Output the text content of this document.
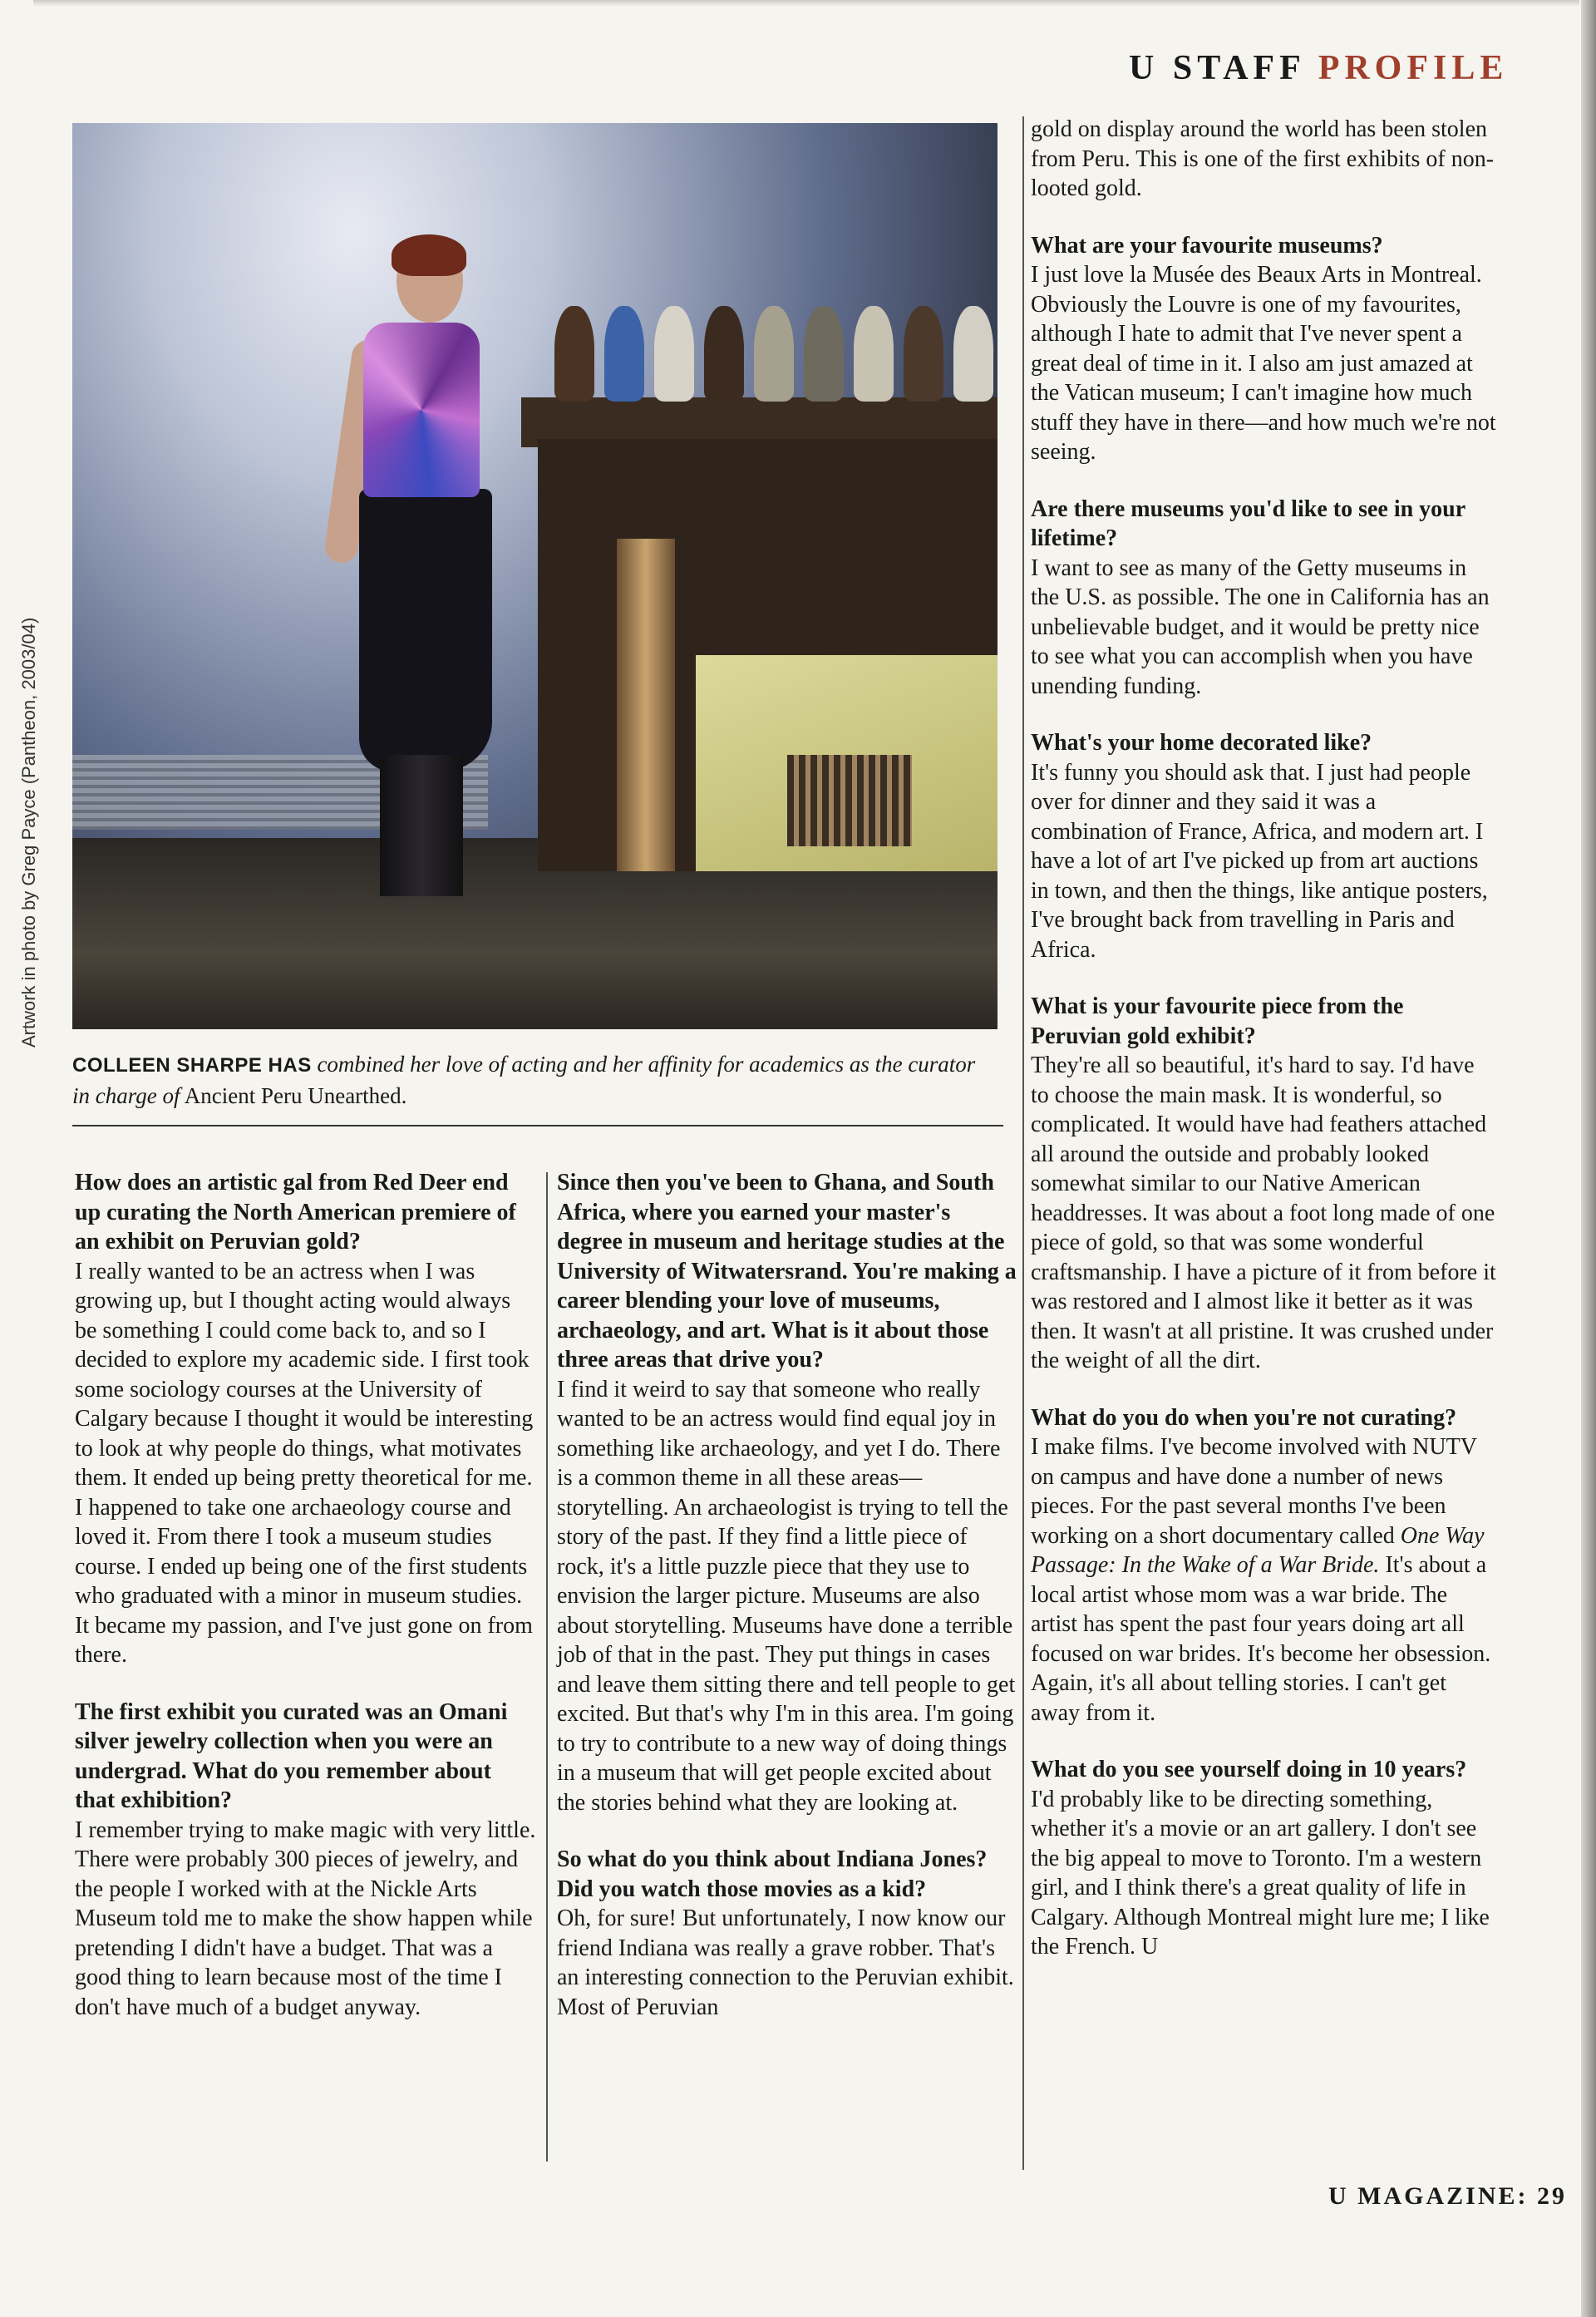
U STAFF PROFILE
Artwork in photo by Greg Payce (Pantheon, 2003/04)
COLLEEN SHARPE HAS combined her love of acting and her affinity for academics as the curator in charge of Ancient Peru Unearthed.

How does an artistic gal from Red Deer end up curating the North American premiere of an exhibit on Peruvian gold?
I really wanted to be an actress when I was growing up, but I thought acting would always be something I could come back to, and so I decided to explore my academic side. I first took some sociology courses at the University of Calgary because I thought it would be interesting to look at why people do things, what motivates them. It ended up being pretty theoretical for me. I happened to take one archaeology course and loved it. From there I took a museum studies course. I ended up being one of the first students who graduated with a minor in museum studies. It became my passion, and I've just gone on from there.

The first exhibit you curated was an Omani silver jewelry collection when you were an undergrad. What do you remember about that exhibition?
I remember trying to make magic with very little. There were probably 300 pieces of jewelry, and the people I worked with at the Nickle Arts Museum told me to make the show happen while pretending I didn't have a budget. That was a good thing to learn because most of the time I don't have much of a budget anyway.

Since then you've been to Ghana, and South Africa, where you earned your master's degree in museum and heritage studies at the University of Witwatersrand. You're making a career blending your love of museums, archaeology, and art. What is it about those three areas that drive you?
I find it weird to say that someone who really wanted to be an actress would find equal joy in something like archaeology, and yet I do. There is a common theme in all these areas—storytelling. An archaeologist is trying to tell the story of the past. If they find a little piece of rock, it's a little puzzle piece that they use to envision the larger picture. Museums are also about storytelling. Museums have done a terrible job of that in the past. They put things in cases and leave them sitting there and tell people to get excited. But that's why I'm in this area. I'm going to try to contribute to a new way of doing things in a museum that will get people excited about the stories behind what they are looking at.

So what do you think about Indiana Jones? Did you watch those movies as a kid?
Oh, for sure! But unfortunately, I now know our friend Indiana was really a grave robber. That's an interesting connection to the Peruvian exhibit. Most of Peruvian

gold on display around the world has been stolen from Peru. This is one of the first exhibits of non-looted gold.

What are your favourite museums?
I just love la Musée des Beaux Arts in Montreal. Obviously the Louvre is one of my favourites, although I hate to admit that I've never spent a great deal of time in it. I also am just amazed at the Vatican museum; I can't imagine how much stuff they have in there—and how much we're not seeing.

Are there museums you'd like to see in your lifetime?
I want to see as many of the Getty museums in the U.S. as possible. The one in California has an unbelievable budget, and it would be pretty nice to see what you can accomplish when you have unending funding.

What's your home decorated like?
It's funny you should ask that. I just had people over for dinner and they said it was a combination of France, Africa, and modern art. I have a lot of art I've picked up from art auctions in town, and then the things, like antique posters, I've brought back from travelling in Paris and Africa.

What is your favourite piece from the Peruvian gold exhibit?
They're all so beautiful, it's hard to say. I'd have to choose the main mask. It is wonderful, so complicated. It would have had feathers attached all around the outside and probably looked somewhat similar to our Native American headdresses. It was about a foot long made of one piece of gold, so that was some wonderful craftsmanship. I have a picture of it from before it was restored and I almost like it better as it was then. It wasn't at all pristine. It was crushed under the weight of all the dirt.

What do you do when you're not curating?
I make films. I've become involved with NUTV on campus and have done a number of news pieces. For the past several months I've been working on a short documentary called One Way Passage: In the Wake of a War Bride. It's about a local artist whose mom was a war bride. The artist has spent the past four years doing art all focused on war brides. It's become her obsession. Again, it's all about telling stories. I can't get away from it.

What do you see yourself doing in 10 years?
I'd probably like to be directing something, whether it's a movie or an art gallery. I don't see the big appeal to move to Toronto. I'm a western girl, and I think there's a great quality of life in Calgary. Although Montreal might lure me; I like the French. U

U MAGAZINE: 29
